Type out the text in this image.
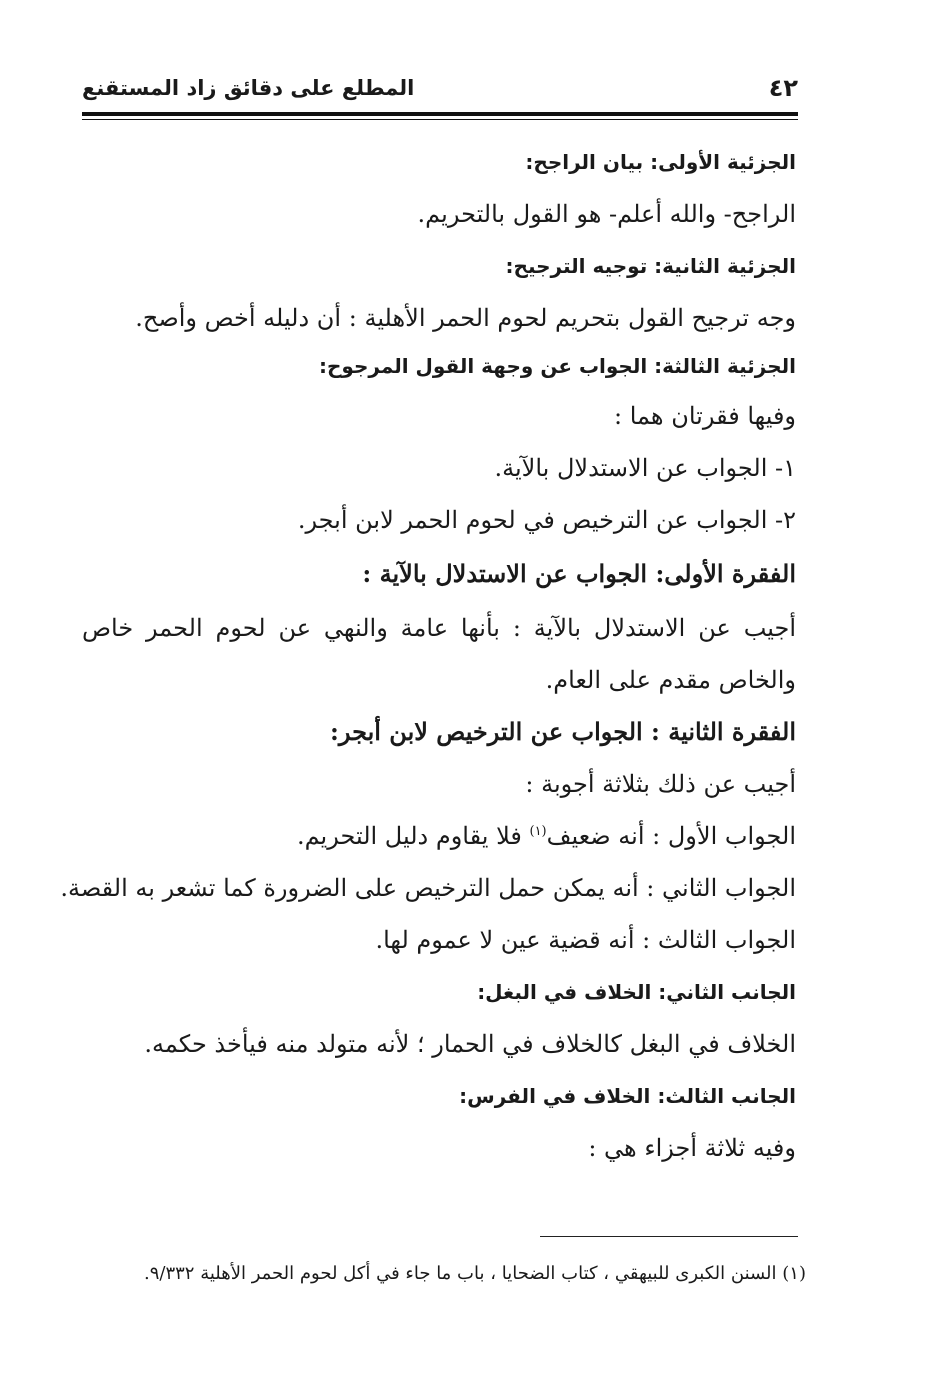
٤٢
المطلع على دقائق زاد المستقنع
الجزئية الأولى: بيان الراجح:
الراجح- والله أعلم- هو القول بالتحريم.
الجزئية الثانية: توجيه الترجيح:
وجه ترجيح القول بتحريم لحوم الحمر الأهلية : أن دليله أخص وأصح.
الجزئية الثالثة: الجواب عن وجهة القول المرجوح:
وفيها فقرتان هما :
١- الجواب عن الاستدلال بالآية.
٢- الجواب عن الترخيص في لحوم الحمر لابن أبجر.
الفقرة الأولى: الجواب عن الاستدلال بالآية :
أجيب عن الاستدلال بالآية : بأنها عامة والنهي عن لحوم الحمر خاص
والخاص مقدم على العام.
الفقرة الثانية : الجواب عن الترخيص لابن أبجر:
أجيب عن ذلك بثلاثة أجوبة :
الجواب الأول : أنه ضعيف$^{(١)}$ فلا يقاوم دليل التحريم.
الجواب الثاني : أنه يمكن حمل الترخيص على الضرورة كما تشعر به القصة.
الجواب الثالث : أنه قضية عين لا عموم لها.
الجانب الثاني: الخلاف في البغل:
الخلاف في البغل كالخلاف في الحمار ؛ لأنه متولد منه فيأخذ حكمه.
الجانب الثالث: الخلاف في الفرس:
وفيه ثلاثة أجزاء هي :
(١) السنن الكبرى للبيهقي ، كتاب الضحايا ، باب ما جاء في أكل لحوم الحمر الأهلية ٩/٣٣٢.
